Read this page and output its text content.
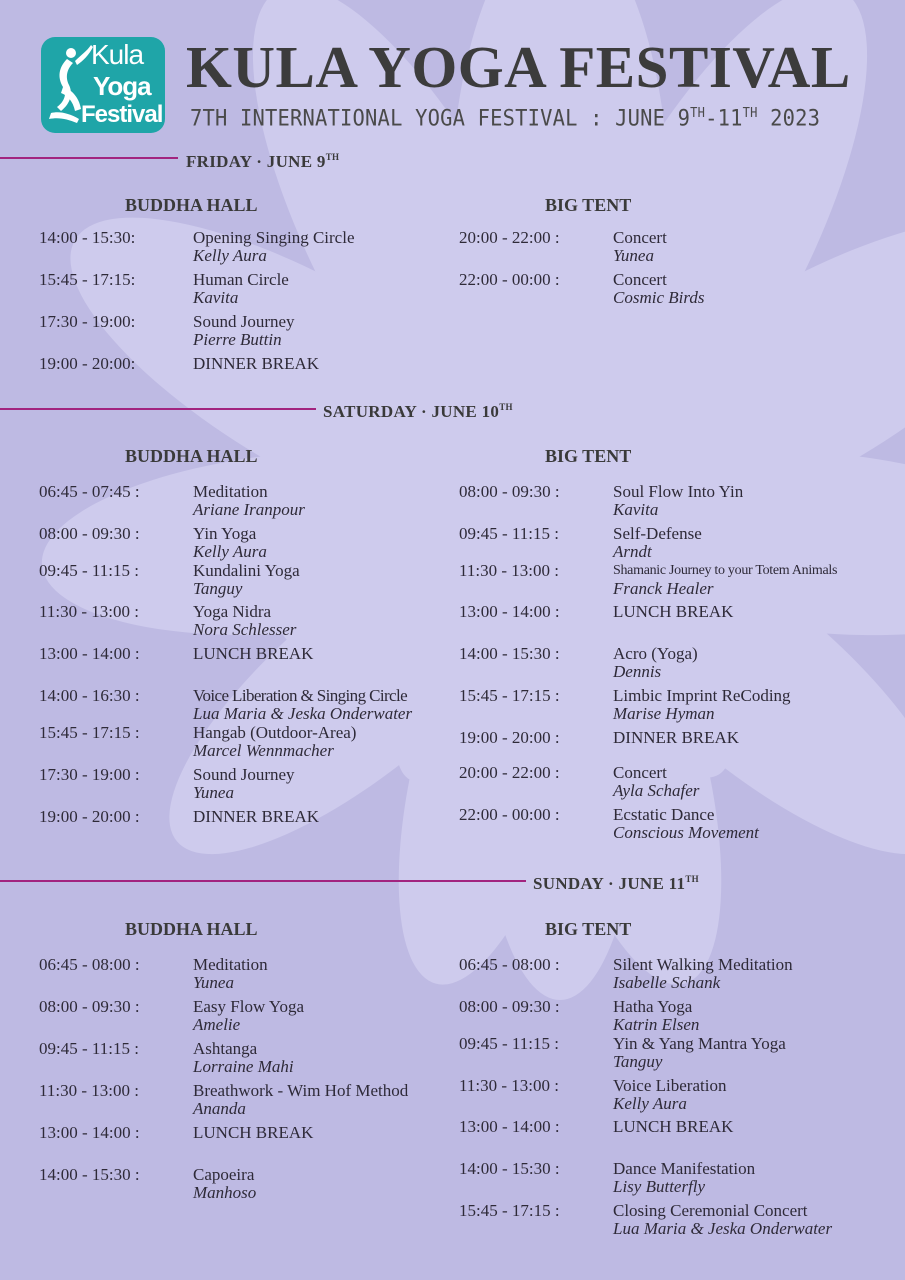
Kula
Yoga
Festival
KULA YOGA FESTIVAL
7TH INTERNATIONAL YOGA FESTIVAL : JUNE 9TH-11TH 2023
FRIDAY · JUNE 9TH
BUDDHA HALL	BIG TENT
14:00 - 15:30:	Opening Singing Circle
Kelly Aura
15:45 - 17:15:	Human Circle
Kavita
17:30 - 19:00:	Sound Journey
Pierre Buttin
19:00 - 20:00:	DINNER BREAK
20:00 - 22:00 :	Concert
Yunea
22:00 - 00:00 :	Concert
Cosmic Birds
SATURDAY · JUNE 10TH
BUDDHA HALL	BIG TENT
06:45 - 07:45 :	Meditation
Ariane Iranpour
08:00 - 09:30 :	Yin Yoga
Kelly Aura
09:45 - 11:15 :	Kundalini Yoga
Tanguy
11:30 - 13:00 :	Yoga Nidra
Nora Schlesser
13:00 - 14:00 :	LUNCH BREAK
14:00 - 16:30 :	Voice Liberation & Singing Circle
Lua Maria & Jeska Onderwater
15:45 - 17:15 :	Hangab (Outdoor-Area)
Marcel Wennmacher
17:30 - 19:00 :	Sound Journey
Yunea
19:00 - 20:00 :	DINNER BREAK
08:00 - 09:30 :	Soul Flow Into Yin
Kavita
09:45 - 11:15 :	Self-Defense
Arndt
11:30 - 13:00 :	Shamanic Journey to your Totem Animals
Franck Healer
13:00 - 14:00 :	LUNCH BREAK
14:00 - 15:30 :	Acro (Yoga)
Dennis
15:45 - 17:15 :	Limbic Imprint ReCoding
Marise Hyman
19:00 - 20:00 :	DINNER BREAK
20:00 - 22:00 :	Concert
Ayla Schafer
22:00 - 00:00 :	Ecstatic Dance
Conscious Movement
SUNDAY · JUNE 11TH
BUDDHA HALL	BIG TENT
06:45 - 08:00 :	Meditation
Yunea
08:00 - 09:30 :	Easy Flow Yoga
Amelie
09:45 - 11:15 :	Ashtanga
Lorraine Mahi
11:30 - 13:00 :	Breathwork - Wim Hof Method
Ananda
13:00 - 14:00 :	LUNCH BREAK
14:00 - 15:30 :	Capoeira
Manhoso
06:45 - 08:00 :	Silent Walking Meditation
Isabelle Schank
08:00 - 09:30 :	Hatha Yoga
Katrin Elsen
09:45 - 11:15 :	Yin & Yang Mantra Yoga
Tanguy
11:30 - 13:00 :	Voice Liberation
Kelly Aura
13:00 - 14:00 :	LUNCH BREAK
14:00 - 15:30 :	Dance Manifestation
Lisy Butterfly
15:45 - 17:15 :	Closing Ceremonial Concert
Lua Maria & Jeska Onderwater
